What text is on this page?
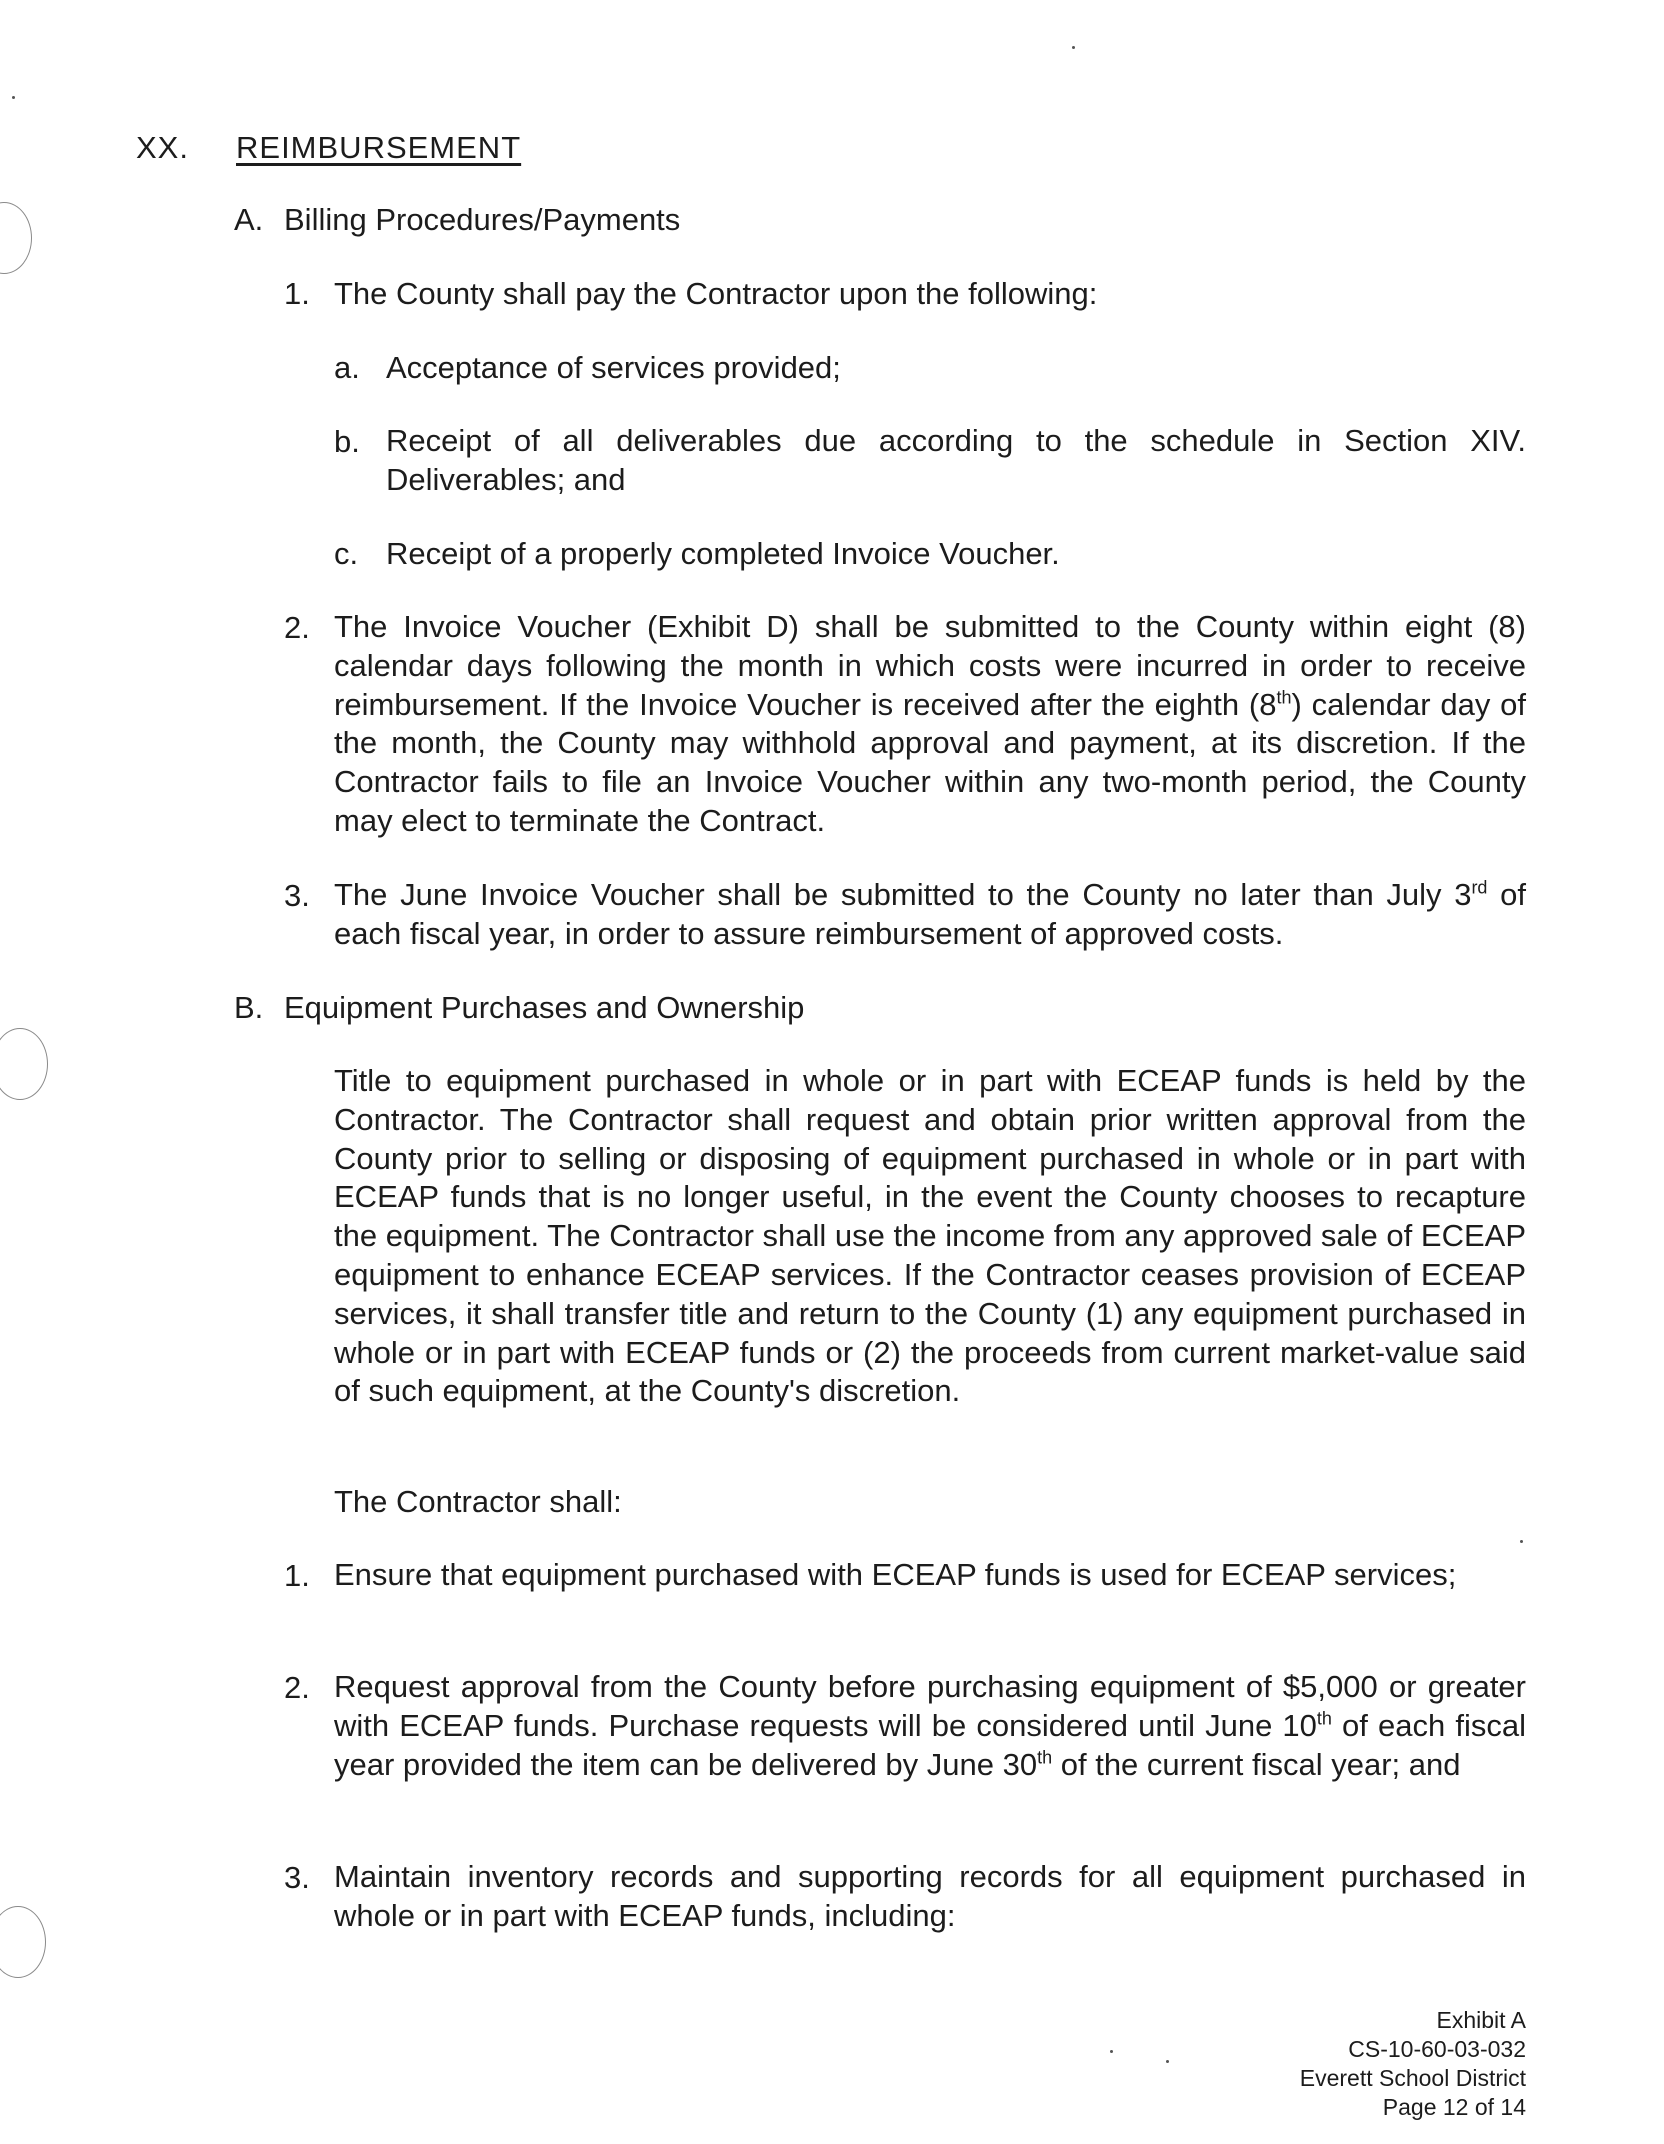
XX. REIMBURSEMENT
A. Billing Procedures/Payments
1. The County shall pay the Contractor upon the following:
a. Acceptance of services provided;
b. Receipt of all deliverables due according to the schedule in Section XIV. Deliverables; and
c. Receipt of a properly completed Invoice Voucher.
2. The Invoice Voucher (Exhibit D) shall be submitted to the County within eight (8) calendar days following the month in which costs were incurred in order to receive reimbursement. If the Invoice Voucher is received after the eighth (8th) calendar day of the month, the County may withhold approval and payment, at its discretion. If the Contractor fails to file an Invoice Voucher within any two-month period, the County may elect to terminate the Contract.
3. The June Invoice Voucher shall be submitted to the County no later than July 3rd of each fiscal year, in order to assure reimbursement of approved costs.
B. Equipment Purchases and Ownership
Title to equipment purchased in whole or in part with ECEAP funds is held by the Contractor. The Contractor shall request and obtain prior written approval from the County prior to selling or disposing of equipment purchased in whole or in part with ECEAP funds that is no longer useful, in the event the County chooses to recapture the equipment. The Contractor shall use the income from any approved sale of ECEAP equipment to enhance ECEAP services. If the Contractor ceases provision of ECEAP services, it shall transfer title and return to the County (1) any equipment purchased in whole or in part with ECEAP funds or (2) the proceeds from current market-value said of such equipment, at the County's discretion.
The Contractor shall:
1. Ensure that equipment purchased with ECEAP funds is used for ECEAP services;
2. Request approval from the County before purchasing equipment of $5,000 or greater with ECEAP funds. Purchase requests will be considered until June 10th of each fiscal year provided the item can be delivered by June 30th of the current fiscal year; and
3. Maintain inventory records and supporting records for all equipment purchased in whole or in part with ECEAP funds, including:
Exhibit A
CS-10-60-03-032
Everett School District
Page 12 of 14
